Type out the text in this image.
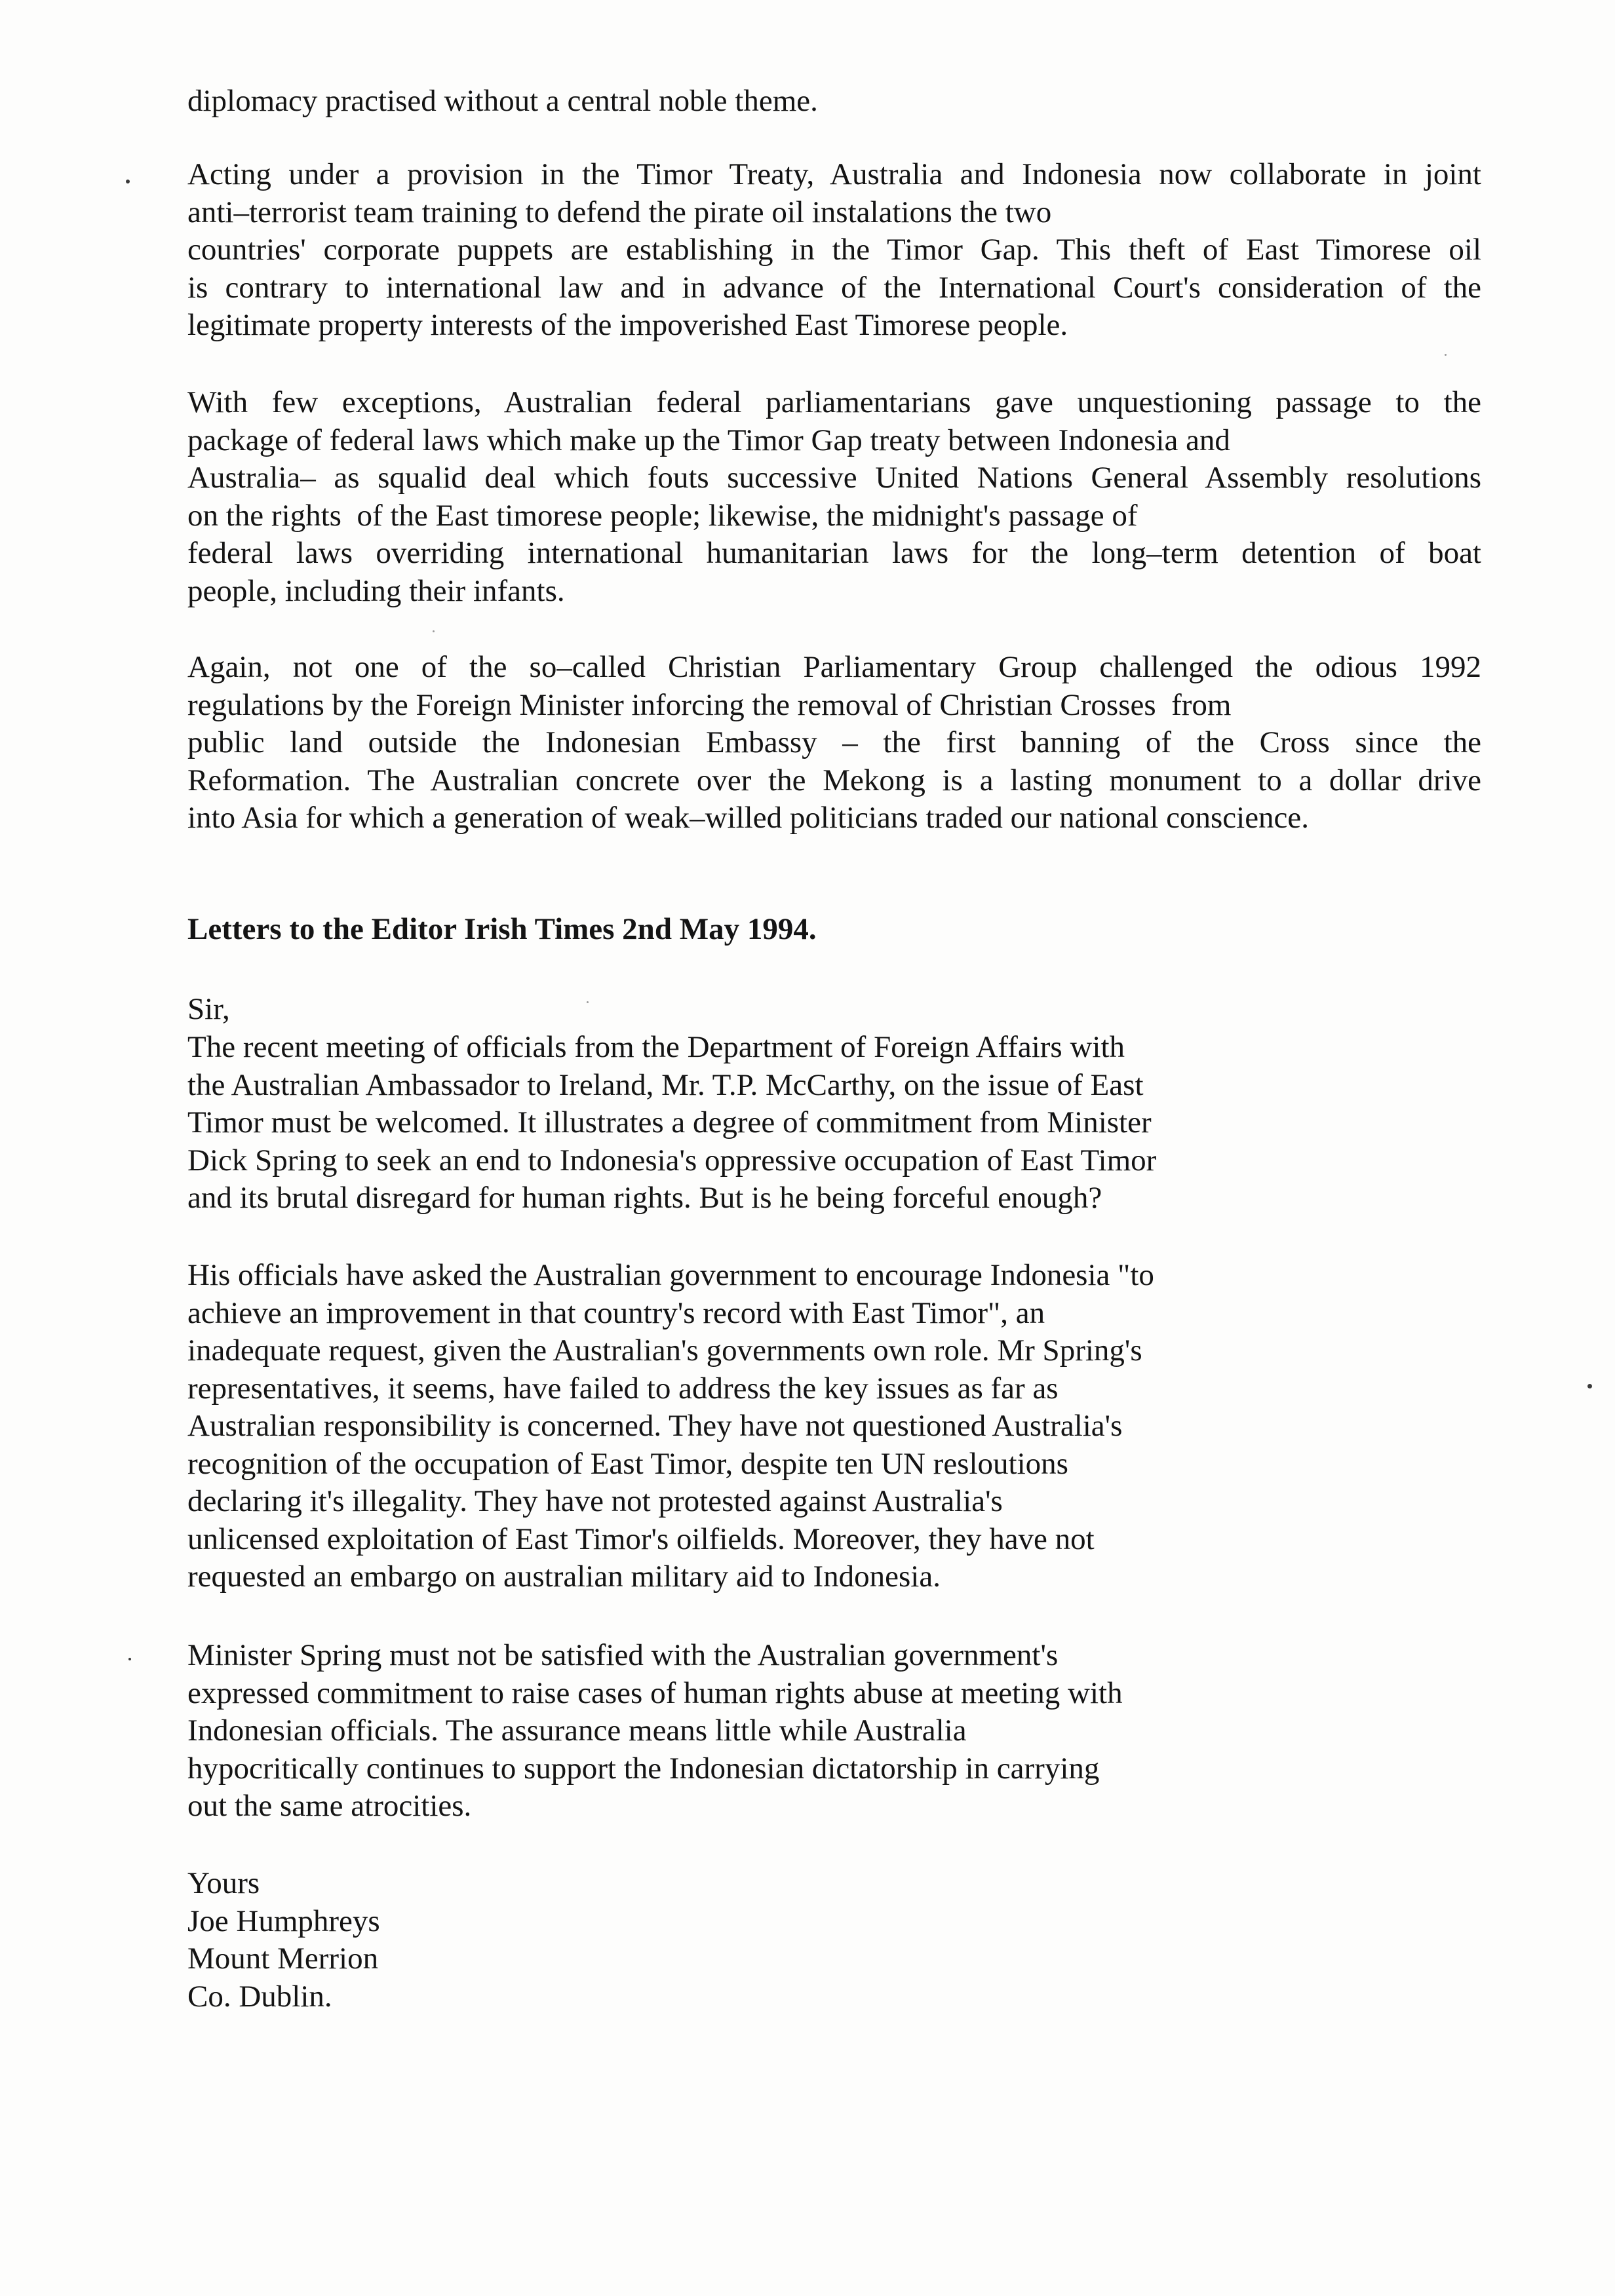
diplomacy practised without a central noble theme.
Acting under a provision in the Timor Treaty, Australia and Indonesia now collaborate in joint
anti–terrorist team training to defend the pirate oil instalations the two
countries' corporate puppets are establishing in the Timor Gap. This theft of East Timorese oil
is contrary to international law and in advance of the International Court's consideration of the
legitimate property interests of the impoverished East Timorese people.
With few exceptions, Australian federal parliamentarians gave unquestioning passage to the
package of federal laws which make up the Timor Gap treaty between Indonesia and
Australia– as squalid deal which fouts successive United Nations General Assembly resolutions
on the rights  of the East timorese people; likewise, the midnight's passage of
federal laws overriding international humanitarian laws for the long–term detention of boat
people, including their infants.
Again, not one of the so–called Christian Parliamentary Group challenged the odious 1992
regulations by the Foreign Minister inforcing the removal of Christian Crosses  from
public land outside the Indonesian Embassy – the first banning of the Cross since the
Reformation. The Australian concrete over the Mekong is a lasting monument to a dollar drive
into Asia for which a generation of weak–willed politicians traded our national conscience.
Letters to the Editor Irish Times 2nd May 1994.
Sir,
The recent meeting of officials from the Department of Foreign Affairs with
the Australian Ambassador to Ireland, Mr. T.P. McCarthy, on the issue of East
Timor must be welcomed. It illustrates a degree of commitment from Minister
Dick Spring to seek an end to Indonesia's oppressive occupation of East Timor
and its brutal disregard for human rights. But is he being forceful enough?
His officials have asked the Australian government to encourage Indonesia "to
achieve an improvement in that country's record with East Timor", an
inadequate request, given the Australian's governments own role. Mr Spring's
representatives, it seems, have failed to address the key issues as far as
Australian responsibility is concerned. They have not questioned Australia's
recognition of the occupation of East Timor, despite ten UN resloutions
declaring it's illegality. They have not protested against Australia's
unlicensed exploitation of East Timor's oilfields. Moreover, they have not
requested an embargo on australian military aid to Indonesia.
Minister Spring must not be satisfied with the Australian government's
expressed commitment to raise cases of human rights abuse at meeting with
Indonesian officials. The assurance means little while Australia
hypocritically continues to support the Indonesian dictatorship in carrying
out the same atrocities.
Yours
Joe Humphreys
Mount Merrion
Co. Dublin.
